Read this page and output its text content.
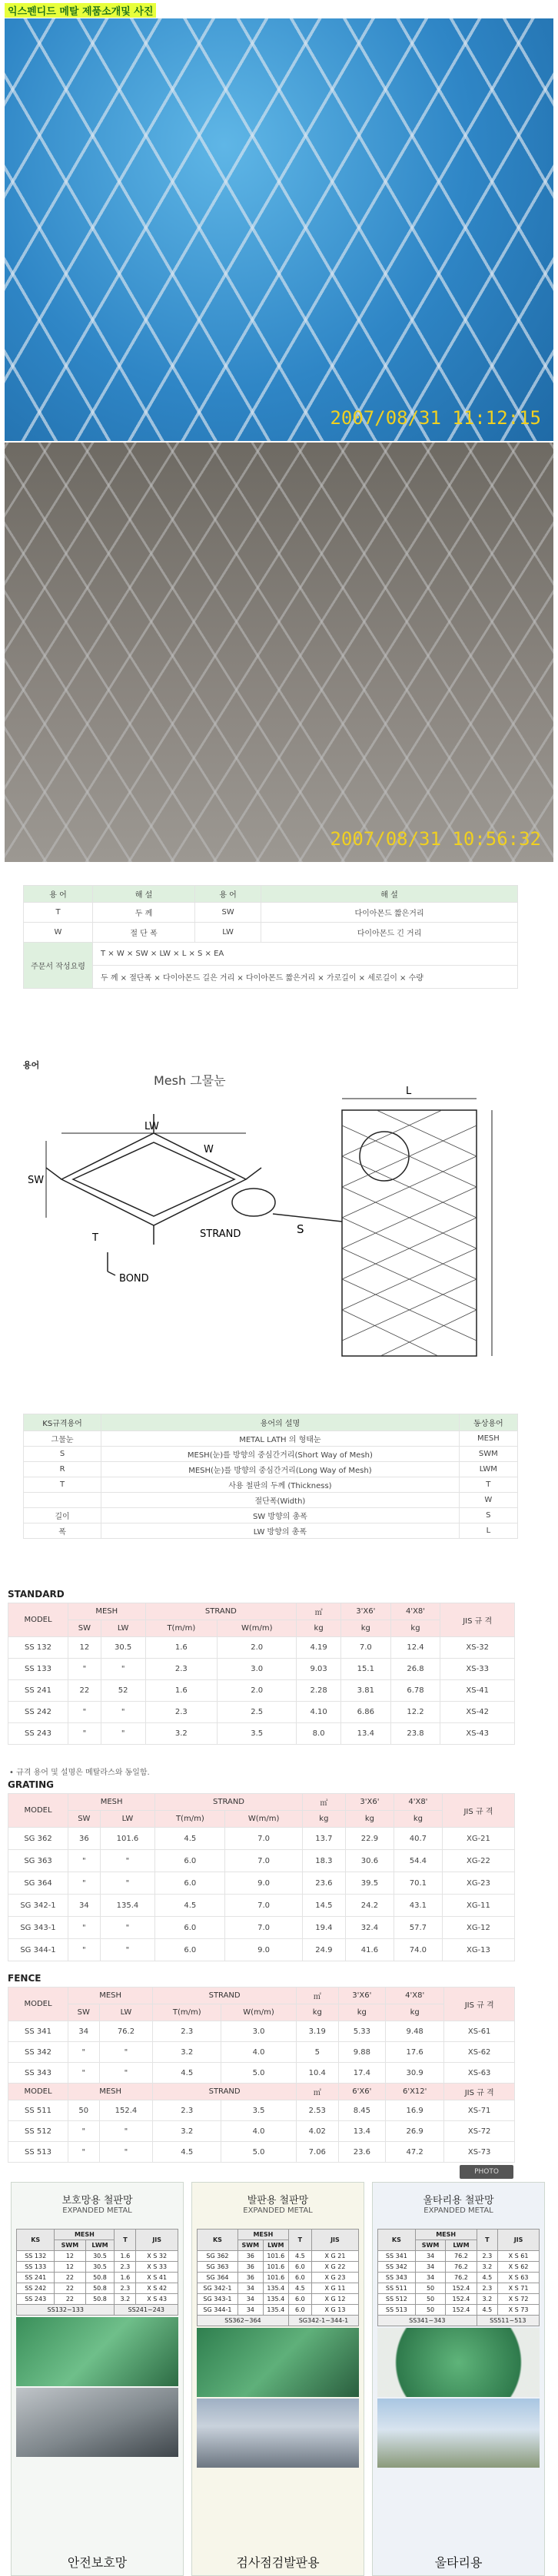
익스펜디드 메탈 제품소개및 사진
2007/08/31 11:12:15
2007/08/31 10:56:32
용 어	해 설	용 어	해 설
T	두 께	SW	다이아몬드 짧은거리
W	절 단 폭	LW	다이아몬드 긴 거리
주문서 작성요령	T × W × SW × LW × L × S × EA		
	두 께 × 절단폭 × 다이아몬드 길은 거리 × 다이아몬드 짧은거리 × 가로길이 × 세로길이 × 수량		
용어
Mesh 그물눈
LW
W
SW
T	STRAND
BOND
L
S
KS규격용어	용어의 설명	동상용어
그물눈	METAL LATH 의 형태눈	MESH
S	MESH(눈)를 방향의 중심간거리(Short Way of Mesh)	SWM
R	MESH(눈)를 방향의 중심간거리(Long Way of Mesh)	LWM
T	사용 철판의 두께 (Thickness)	T
	절단폭(Width)	W
길이	SW 방향의 총폭	S
폭	LW 방향의 총폭	L
STANDARD
MODEL	MESH		STRAND		㎡	3'X6'	4'X8'	JIS 규 격
	SW	LW	T(m/m)	W(m/m)	kg	kg	kg	
SS 132	12	30.5	1.6	2.0	4.19	7.0	12.4	XS-32
SS 133	"	"	2.3	3.0	9.03	15.1	26.8	XS-33
SS 241	22	52	1.6	2.0	2.28	3.81	6.78	XS-41
SS 242	"	"	2.3	2.5	4.10	6.86	12.2	XS-42
SS 243	"	"	3.2	3.5	8.0	13.4	23.8	XS-43
• 규격 용어 및 설명은 메탈라스와 동일함.
GRATING
MODEL	MESH		STRAND		㎡	3'X6'	4'X8'	JIS 규 격
	SW	LW	T(m/m)	W(m/m)	kg	kg	kg	
SG 362	36	101.6	4.5	7.0	13.7	22.9	40.7	XG-21
SG 363	"	"	6.0	7.0	18.3	30.6	54.4	XG-22
SG 364	"	"	6.0	9.0	23.6	39.5	70.1	XG-23
SG 342-1	34	135.4	4.5	7.0	14.5	24.2	43.1	XG-11
SG 343-1	"	"	6.0	7.0	19.4	32.4	57.7	XG-12
SG 344-1	"	"	6.0	9.0	24.9	41.6	74.0	XG-13
FENCE
MODEL	MESH		STRAND		㎡	3'X6'	4'X8'	JIS 규 격
	SW	LW	T(m/m)	W(m/m)	kg	kg	kg	
SS 341	34	76.2	2.3	3.0	3.19	5.33	9.48	XS-61
SS 342	"	"	3.2	4.0	5	9.88	17.6	XS-62
SS 343	"	"	4.5	5.0	10.4	17.4	30.9	XS-63
MODEL	MESH		STRAND		㎡	6'X6'	6'X12'	JIS 규 격
SS 511	50	152.4	2.3	3.5	2.53	8.45	16.9	XS-71
SS 512	"	"	3.2	4.0	4.02	13.4	26.9	XS-72
SS 513	"	"	4.5	5.0	7.06	23.6	47.2	XS-73
PHOTO
보호망용 철판망
EXPANDED METAL
KS	MESH		T	JIS
	SWM	LWM		
SS 132	12	30.5	1.6	X S 32
SS 133	12	30.5	2.3	X S 33
SS 241	22	50.8	1.6	X S 41
SS 242	22	50.8	2.3	X S 42
SS 243	22	50.8	3.2	X S 43
SS132~133			SS241~243	
안전보호망
발판용 철판망
EXPANDED METAL
KS	MESH		T	JIS
	SWM	LWM		
SG 362	36	101.6	4.5	X G 21
SG 363	36	101.6	6.0	X G 22
SG 364	36	101.6	6.0	X G 23
SG 342-1	34	135.4	4.5	X G 11
SG 343-1	34	135.4	6.0	X G 12
SG 344-1	34	135.4	6.0	X G 13
SS362~364			SG342-1~344-1	
검사점검발판용
울타리용 철판망
EXPANDED METAL
KS	MESH		T	JIS
	SWM	LWM		
SS 341	34	76.2	2.3	X S 61
SS 342	34	76.2	3.2	X S 62
SS 343	34	76.2	4.5	X S 63
SS 511	50	152.4	2.3	X S 71
SS 512	50	152.4	3.2	X S 72
SS 513	50	152.4	4.5	X S 73
SS341~343			SS511~513	
울타리용
